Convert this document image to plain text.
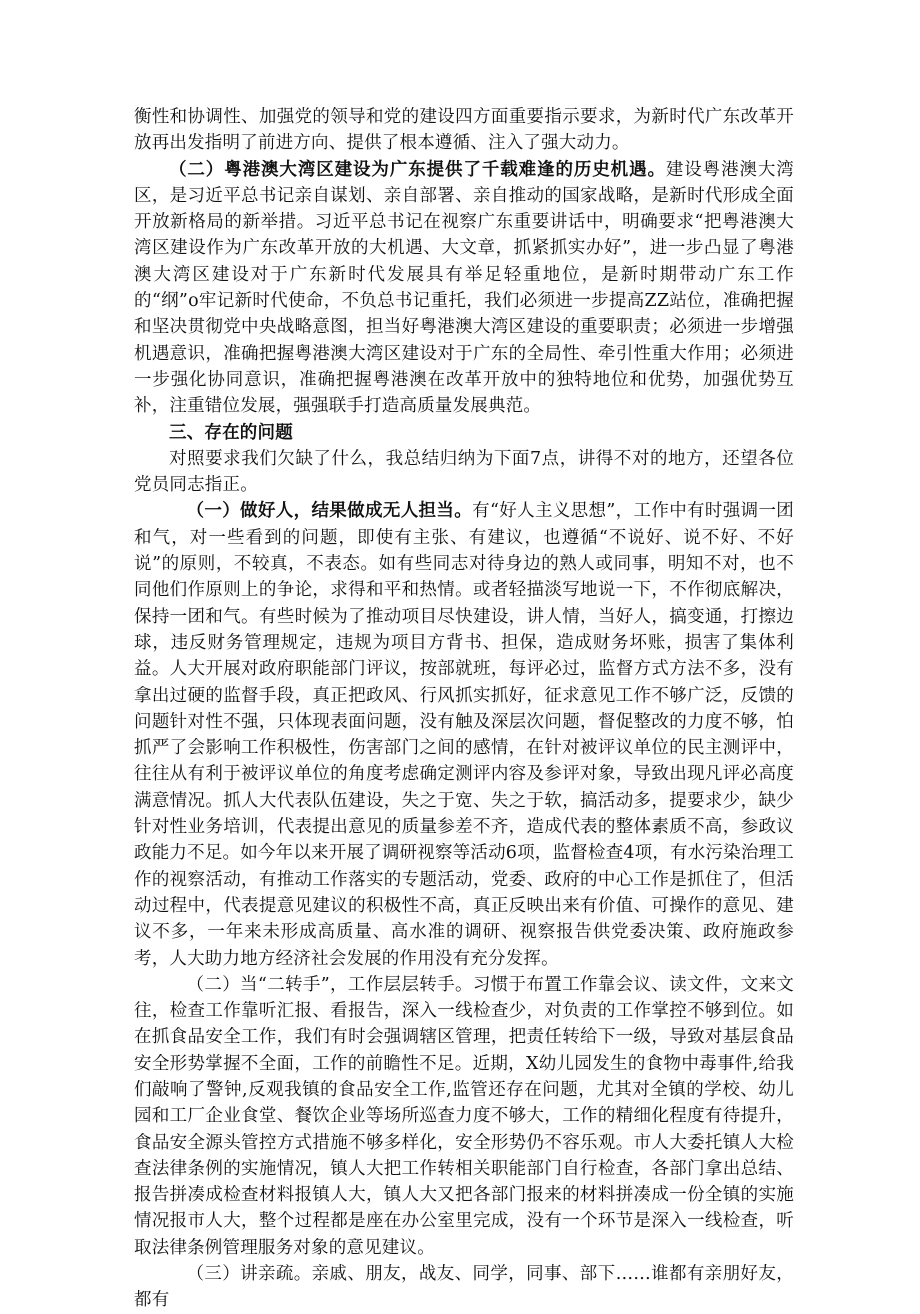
衡性和协调性、加强党的领导和党的建设四方面重要指示要求，为新时代广东改革开放再出发指明了前进方向、提供了根本遵循、注入了强大动力。

（二）粤港澳大湾区建设为广东提供了千载难逢的历史机遇。建设粤港澳大湾区，是习近平总书记亲自谋划、亲自部署、亲自推动的国家战略，是新时代形成全面开放新格局的新举措。习近平总书记在视察广东重要讲话中，明确要求“把粤港澳大湾区建设作为广东改革开放的大机遇、大文章，抓紧抓实办好”，进一步凸显了粤港澳大湾区建设对于广东新时代发展具有举足轻重地位，是新时期带动广东工作的“纲”o牢记新时代使命，不负总书记重托，我们必须进一步提高ZZ站位，准确把握和坚决贯彻党中央战略意图，担当好粤港澳大湾区建设的重要职责；必须进一步增强机遇意识，准确把握粤港澳大湾区建设对于广东的全局性、牵引性重大作用；必须进一步强化协同意识，准确把握粤港澳在改革开放中的独特地位和优势，加强优势互补，注重错位发展，强强联手打造高质量发展典范。

三、存在的问题

对照要求我们欠缺了什么，我总结归纳为下面7点，讲得不对的地方，还望各位党员同志指正。

（一）做好人，结果做成无人担当。有“好人主义思想”，工作中有时强调一团和气，对一些看到的问题，即使有主张、有建议，也遵循“不说好、说不好、不好说”的原则，不较真，不表态。如有些同志对待身边的熟人或同事，明知不对，也不同他们作原则上的争论，求得和平和热情。或者轻描淡写地说一下，不作彻底解决，保持一团和气。有些时候为了推动项目尽快建设，讲人情，当好人，搞变通，打擦边球，违反财务管理规定，违规为项目方背书、担保，造成财务坏账，损害了集体利益。人大开展对政府职能部门评议，按部就班，每评必过，监督方式方法不多，没有拿出过硬的监督手段，真正把政风、行风抓实抓好，征求意见工作不够广泛，反馈的问题针对性不强，只体现表面问题，没有触及深层次问题，督促整改的力度不够，怕抓严了会影响工作积极性，伤害部门之间的感情，在针对被评议单位的民主测评中，往往从有利于被评议单位的角度考虑确定测评内容及参评对象，导致出现凡评必高度满意情况。抓人大代表队伍建设，失之于宽、失之于软，搞活动多，提要求少，缺少针对性业务培训，代表提出意见的质量参差不齐，造成代表的整体素质不高，参政议政能力不足。如今年以来开展了调研视察等活动6项，监督检查4项，有水污染治理工作的视察活动，有推动工作落实的专题活动，党委、政府的中心工作是抓住了，但活动过程中，代表提意见建议的积极性不高，真正反映出来有价值、可操作的意见、建议不多，一年来未形成高质量、高水准的调研、视察报告供党委决策、政府施政参考，人大助力地方经济社会发展的作用没有充分发挥。

（二）当“二转手”，工作层层转手。习惯于布置工作靠会议、读文件，文来文往，检查工作靠听汇报、看报告，深入一线检查少，对负责的工作掌控不够到位。如在抓食品安全工作，我们有时会强调辖区管理，把责任转给下一级，导致对基层食品安全形势掌握不全面，工作的前瞻性不足。近期，X幼儿园发生的食物中毒事件,给我们敲响了警钟,反观我镇的食品安全工作,监管还存在问题，尤其对全镇的学校、幼儿园和工厂企业食堂、餐饮企业等场所巡查力度不够大，工作的精细化程度有待提升，食品安全源头管控方式措施不够多样化，安全形势仍不容乐观。市人大委托镇人大检查法律条例的实施情况，镇人大把工作转相关职能部门自行检查，各部门拿出总结、报告拼凑成检查材料报镇人大，镇人大又把各部门报来的材料拼凑成一份全镇的实施情况报市人大，整个过程都是座在办公室里完成，没有一个环节是深入一线检查，听取法律条例管理服务对象的意见建议。

（三）讲亲疏。亲戚、朋友，战友、同学，同事、部下……谁都有亲朋好友，都有
